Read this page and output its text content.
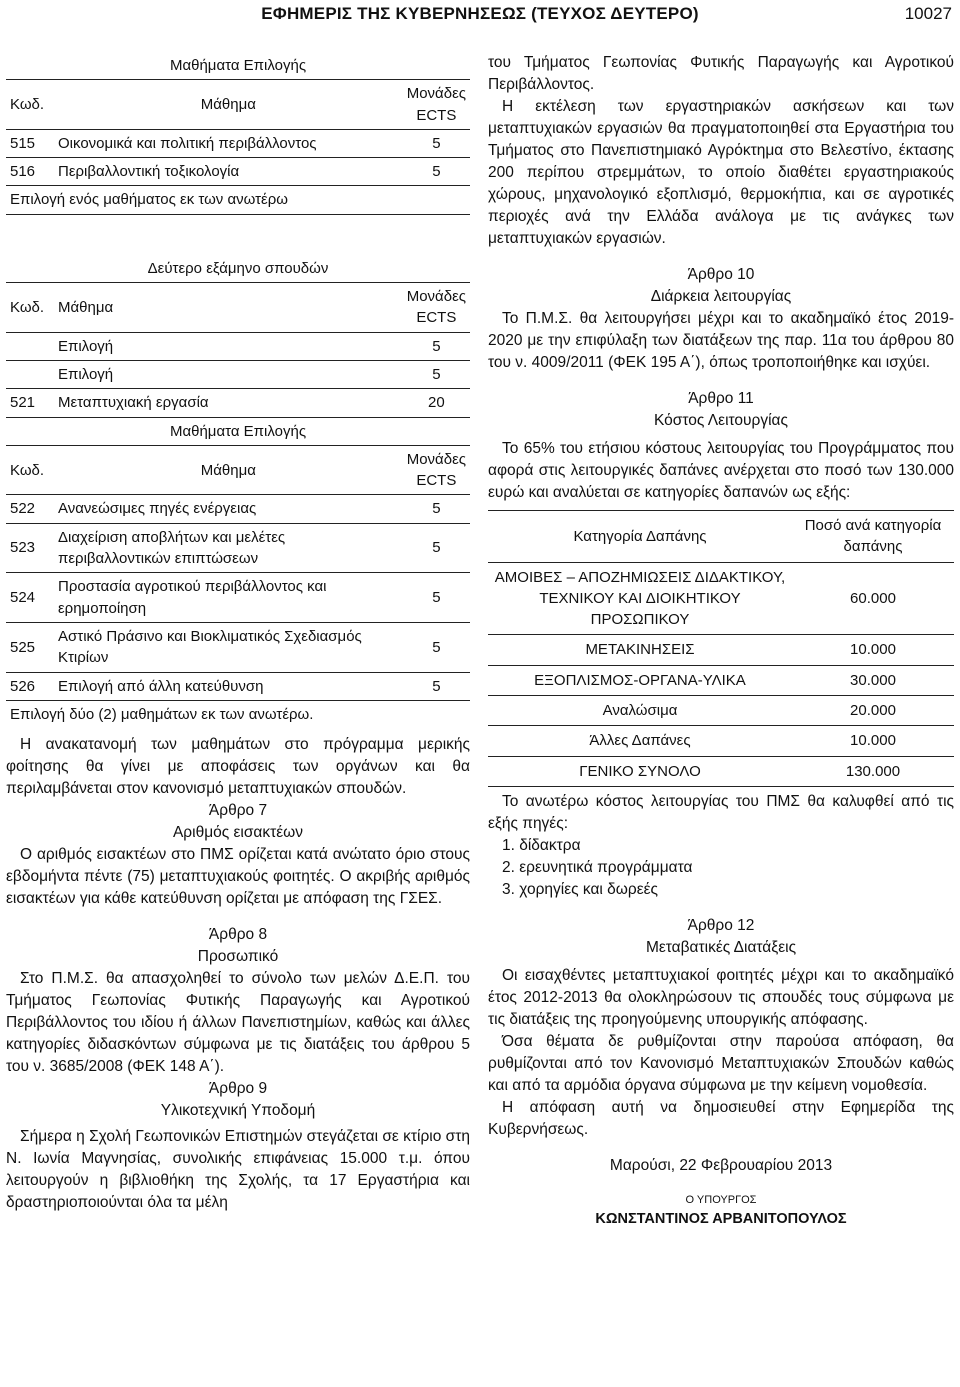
ΕΦΗΜΕΡΙΣ ΤΗΣ ΚΥΒΕΡΝΗΣΕΩΣ (ΤΕΥΧΟΣ ΔΕΥΤΕΡΟ)	10027
Μαθήματα Επιλογής		
Κωδ.	Μάθημα	Μονάδες ECTS
515	Οικονομικά και πολιτική περιβάλλοντος	5
516	Περιβαλλοντική τοξικολογία	5
Επιλογή ενός μαθήματος εκ των ανωτέρω		
Δεύτερο εξάμηνο σπουδών		
Κωδ.	Μάθημα	Μονάδες ECTS
	Επιλογή	5
	Επιλογή	5
521	Μεταπτυχιακή εργασία	20
Μαθήματα Επιλογής		
Κωδ.	Μάθημα	Μονάδες ECTS
522	Ανανεώσιμες πηγές ενέργειας	5
523	Διαχείριση αποβλήτων και μελέτες περιβαλλοντικών επιπτώσεων	5
524	Προστασία αγροτικού περιβάλλοντος και ερημοποίηση	5
525	Αστικό Πράσινο και Βιοκλιματικός Σχεδιασμός Κτιρίων	5
526	Επιλογή από άλλη κατεύθυνση	5
Επιλογή δύο (2) μαθημάτων εκ των ανωτέρω.		

Η ανακατανομή των μαθημάτων στο πρόγραμμα μερικής φοίτησης θα γίνει με αποφάσεις των οργάνων και θα περιλαμβάνεται στον κανονισμό μεταπτυχιακών σπουδών.

Άρθρο 7
Αριθμός εισακτέων

Ο αριθμός εισακτέων στο ΠΜΣ ορίζεται κατά ανώτατο όριο στους εβδομήντα πέντε (75) μεταπτυχιακούς φοιτητές. Ο ακριβής αριθμός εισακτέων για κάθε κατεύθυνση ορίζεται με απόφαση της ΓΣΕΣ.

Άρθρο 8
Προσωπικό

Στο Π.Μ.Σ. θα απασχοληθεί το σύνολο των μελών Δ.Ε.Π. του Τμήματος Γεωπονίας Φυτικής Παραγωγής και Αγροτικού Περιβάλλοντος του ιδίου ή άλλων Πανεπιστημίων, καθώς και άλλες κατηγορίες διδασκόντων σύμφωνα με τις διατάξεις του άρθρου 5 του ν. 3685/2008 (ΦΕΚ 148 Α΄).

Άρθρο 9
Υλικοτεχνική Υποδομή

Σήμερα η Σχολή Γεωπονικών Επιστημών στεγάζεται σε κτίριο στη Ν. Ιωνία Μαγνησίας, συνολικής επιφάνειας 15.000 τ.μ. όπου λειτουργούν η βιβλιοθήκη της Σχολής, τα 17 Εργαστήρια και δραστηριοποιούνται όλα τα μέλη

του Τμήματος Γεωπονίας Φυτικής Παραγωγής και Αγροτικού Περιβάλλοντος.

Η εκτέλεση των εργαστηριακών ασκήσεων και των μεταπτυχιακών εργασιών θα πραγματοποιηθεί στα Εργαστήρια του Τμήματος στο Πανεπιστημιακό Αγρόκτημα στο Βελεστίνο, έκτασης 200 περίπου στρεμμάτων, το οποίο διαθέτει εργαστηριακούς χώρους, μηχανολογικό εξοπλισμό, θερμοκήπια, και σε αγροτικές περιοχές ανά την Ελλάδα ανάλογα με τις ανάγκες των μεταπτυχιακών εργασιών.

Άρθρο 10
Διάρκεια λειτουργίας

Το Π.Μ.Σ. θα λειτουργήσει μέχρι και το ακαδημαϊκό έτος 2019-2020 με την επιφύλαξη των διατάξεων της παρ. 11α του άρθρου 80 του ν. 4009/2011 (ΦΕΚ 195 Α΄), όπως τροποποιήθηκε και ισχύει.

Άρθρο 11
Κόστος Λειτουργίας

Το 65% του ετήσιου κόστους λειτουργίας του Προγράμματος που αφορά στις λειτουργικές δαπάνες ανέρχεται στο ποσό των 130.000 ευρώ και αναλύεται σε κατηγορίες δαπανών ως εξής:

Κατηγορία Δαπάνης	Ποσό ανά κατηγορία δαπάνης
ΑΜΟΙΒΕΣ – ΑΠΟΖΗΜΙΩΣΕΙΣ ΔΙΔΑΚΤΙΚΟΥ, ΤΕΧΝΙΚΟΥ ΚΑΙ ΔΙΟΙΚΗΤΙΚΟΥ ΠΡΟΣΩΠΙΚΟΥ	60.000
ΜΕΤΑΚΙΝΗΣΕΙΣ	10.000
ΕΞΟΠΛΙΣΜΟΣ-ΟΡΓΑΝΑ-ΥΛΙΚΑ	30.000
Αναλώσιμα	20.000
Άλλες Δαπάνες	10.000
ΓΕΝΙΚΟ ΣΥΝΟΛΟ	130.000

Το ανωτέρω κόστος λειτουργίας του ΠΜΣ θα καλυφθεί από τις εξής πηγές:

1. δίδακτρα
2. ερευνητικά προγράμματα
3. χορηγίες και δωρεές
Άρθρο 12
Μεταβατικές Διατάξεις

Οι εισαχθέντες μεταπτυχιακοί φοιτητές μέχρι και το ακαδημαϊκό έτος 2012-2013 θα ολοκληρώσουν τις σπουδές τους σύμφωνα με τις διατάξεις της προηγούμενης υπουργικής απόφασης.

Όσα θέματα δε ρυθμίζονται στην παρούσα απόφαση, θα ρυθμίζονται από τον Κανονισμό Μεταπτυχιακών Σπουδών καθώς και από τα αρμόδια όργανα σύμφωνα με την κείμενη νομοθεσία.

Η απόφαση αυτή να δημοσιευθεί στην Εφημερίδα της Κυβερνήσεως.

Μαρούσι, 22 Φεβρουαρίου 2013
Ο ΥΠΟΥΡΓΟΣ
ΚΩΝΣΤΑΝΤΙΝΟΣ ΑΡΒΑΝΙΤΟΠΟΥΛΟΣ
